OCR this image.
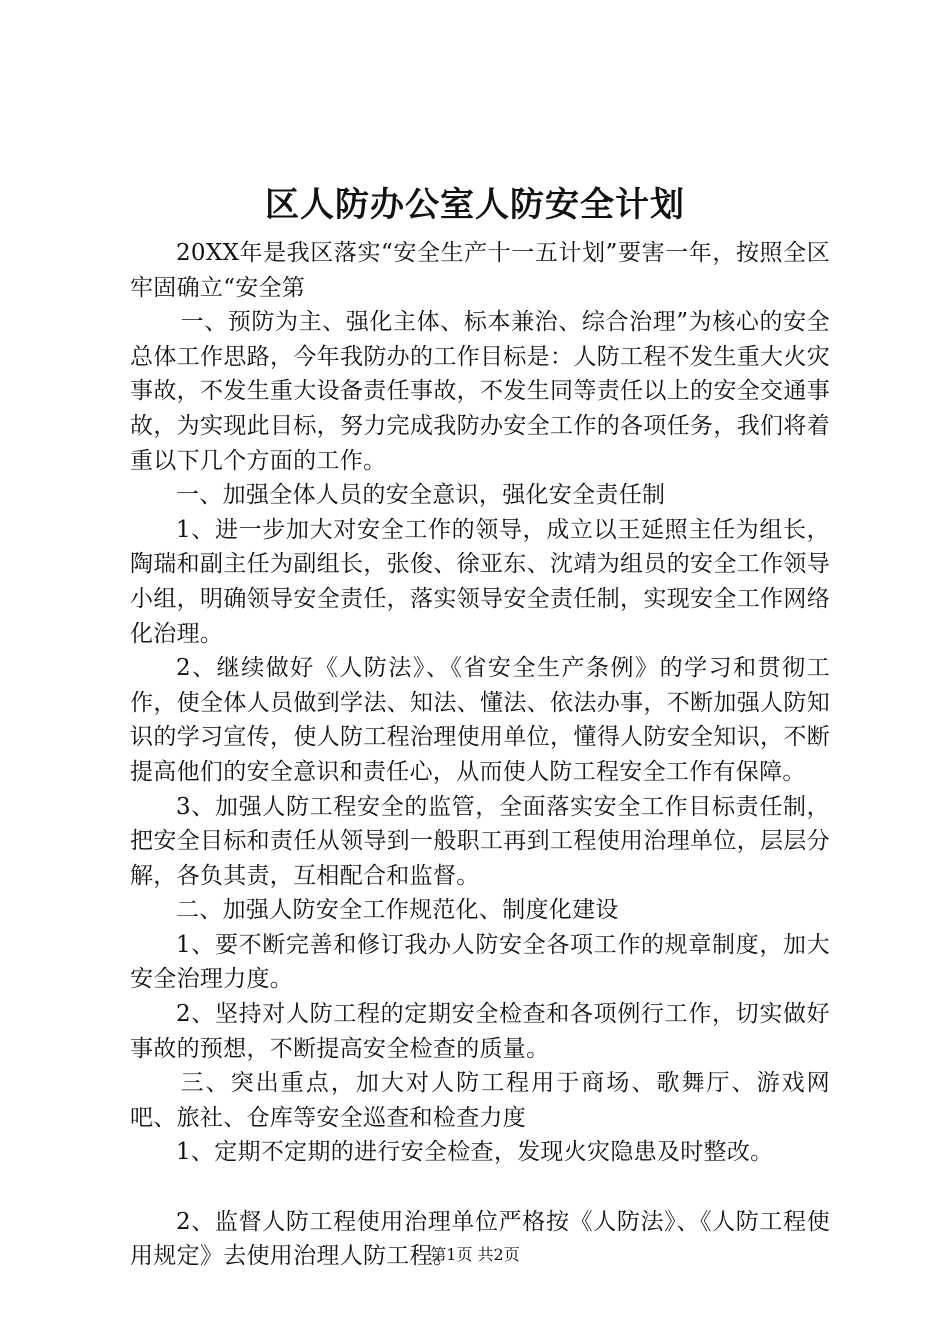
区人防办公室人防安全计划

20XX年是我区落实“安全生产十一五计划”要害一年，按照全区牢固确立“安全第

一、预防为主、强化主体、标本兼治、综合治理”为核心的安全总体工作思路，今年我防办的工作目标是：人防工程不发生重大火灾事故，不发生重大设备责任事故，不发生同等责任以上的安全交通事故，为实现此目标，努力完成我防办安全工作的各项任务，我们将着重以下几个方面的工作。

一、加强全体人员的安全意识，强化安全责任制

1、进一步加大对安全工作的领导，成立以王延照主任为组长，陶瑞和副主任为副组长，张俊、徐亚东、沈靖为组员的安全工作领导小组，明确领导安全责任，落实领导安全责任制，实现安全工作网络化治理。

2、继续做好《人防法》、《省安全生产条例》的学习和贯彻工作，使全体人员做到学法、知法、懂法、依法办事，不断加强人防知识的学习宣传，使人防工程治理使用单位，懂得人防安全知识，不断提高他们的安全意识和责任心，从而使人防工程安全工作有保障。

3、加强人防工程安全的监管，全面落实安全工作目标责任制，把安全目标和责任从领导到一般职工再到工程使用治理单位，层层分解，各负其责，互相配合和监督。

二、加强人防安全工作规范化、制度化建设

1、要不断完善和修订我办人防安全各项工作的规章制度，加大安全治理力度。

2、坚持对人防工程的定期安全检查和各项例行工作，切实做好事故的预想，不断提高安全检查的质量。

三、突出重点，加大对人防工程用于商场、歌舞厅、游戏网吧、旅社、仓库等安全巡查和检查力度

1、定期不定期的进行安全检查，发现火灾隐患及时整改。

2、监督人防工程使用治理单位严格按《人防法》、《人防工程使用规定》去使用治理人防工程。

第1页 共2页
